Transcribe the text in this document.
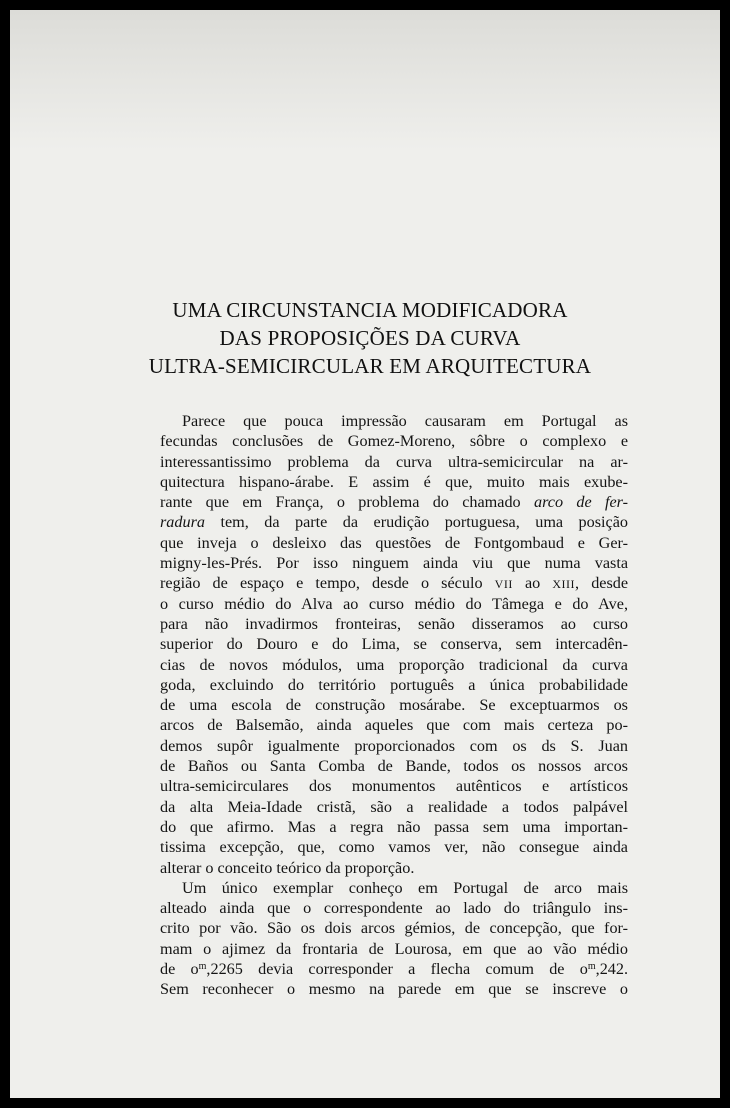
UMA CIRCUNSTANCIA MODIFICADORA
DAS PROPOSIÇÕES DA CURVA
ULTRA-SEMICIRCULAR EM ARQUITECTURA
Parece que pouca impressão causaram em Portugal as
fecundas conclusões de Gomez-Moreno, sôbre o complexo e
interessantissimo problema da curva ultra-semicircular na ar-
quitectura hispano-árabe. E assim é que, muito mais exube-
rante que em França, o problema do chamado arco de fer-
radura tem, da parte da erudição portuguesa, uma posição
que inveja o desleixo das questões de Fontgombaud e Ger-
migny-les-Prés. Por isso ninguem ainda viu que numa vasta
região de espaço e tempo, desde o século VII ao XIII, desde
o curso médio do Alva ao curso médio do Tâmega e do Ave,
para não invadirmos fronteiras, senão disseramos ao curso
superior do Douro e do Lima, se conserva, sem intercadên-
cias de novos módulos, uma proporção tradicional da curva
goda, excluindo do território português a única probabilidade
de uma escola de construção mosárabe. Se exceptuarmos os
arcos de Balsemão, ainda aqueles que com mais certeza po-
demos supôr igualmente proporcionados com os ds S. Juan
de Baños ou Santa Comba de Bande, todos os nossos arcos
ultra-semicirculares dos monumentos autênticos e artísticos
da alta Meia-Idade cristã, são a realidade a todos palpável
do que afirmo. Mas a regra não passa sem uma importan-
tissima excepção, que, como vamos ver, não consegue ainda
alterar o conceito teórico da proporção.
Um único exemplar conheço em Portugal de arco mais
alteado ainda que o correspondente ao lado do triângulo ins-
crito por vão. São os dois arcos gémios, de concepção, que for-
mam o ajimez da frontaria de Lourosa, em que ao vão médio
de $o^m,2265$ devia corresponder a flecha comum de $o^m,242$.
Sem reconhecer o mesmo na parede em que se inscreve o
